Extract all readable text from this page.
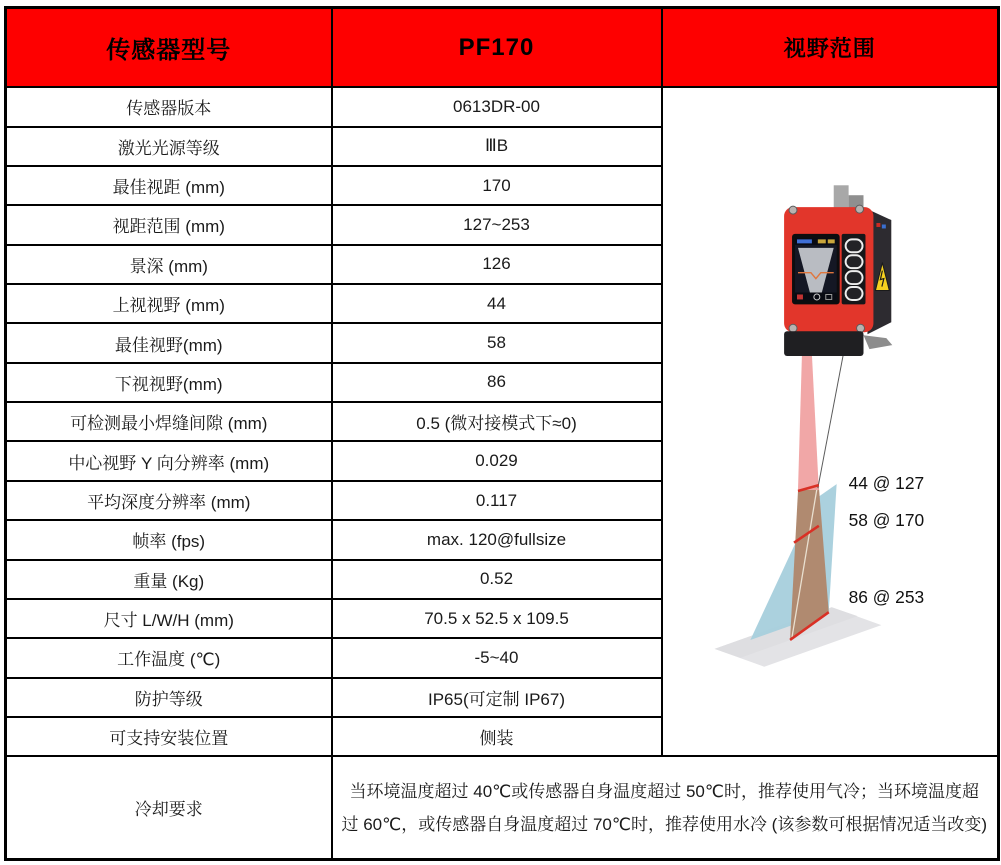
传感器型号	PF170	视野范围
传感器版本	0613DR-00	44 @ 127
58 @ 170
86 @ 253

激光光源等级	ⅢB	
最佳视距 (mm)	170	
视距范围 (mm)	127~253	
景深 (mm)	126	
上视视野 (mm)	44	
最佳视野(mm)	58	
下视视野(mm)	86	
可检测最小焊缝间隙 (mm)	0.5 (微对接模式下≈0)	
中心视野 Y 向分辨率 (mm)	0.029	
平均深度分辨率 (mm)	0.117	
帧率 (fps)	max. 120@fullsize	
重量 (Kg)	0.52	
尺寸 L/W/H (mm)	70.5 x 52.5 x 109.5	
工作温度 (℃)	-5~40	
防护等级	IP65(可定制 IP67)	
可支持安装位置	侧装	
冷却要求	当环境温度超过 40℃或传感器自身温度超过 50℃时，推荐使用气冷；当环境温度超过 60℃，或传感器自身温度超过 70℃时，推荐使用水冷 (该参数可根据情况适当改变)	
